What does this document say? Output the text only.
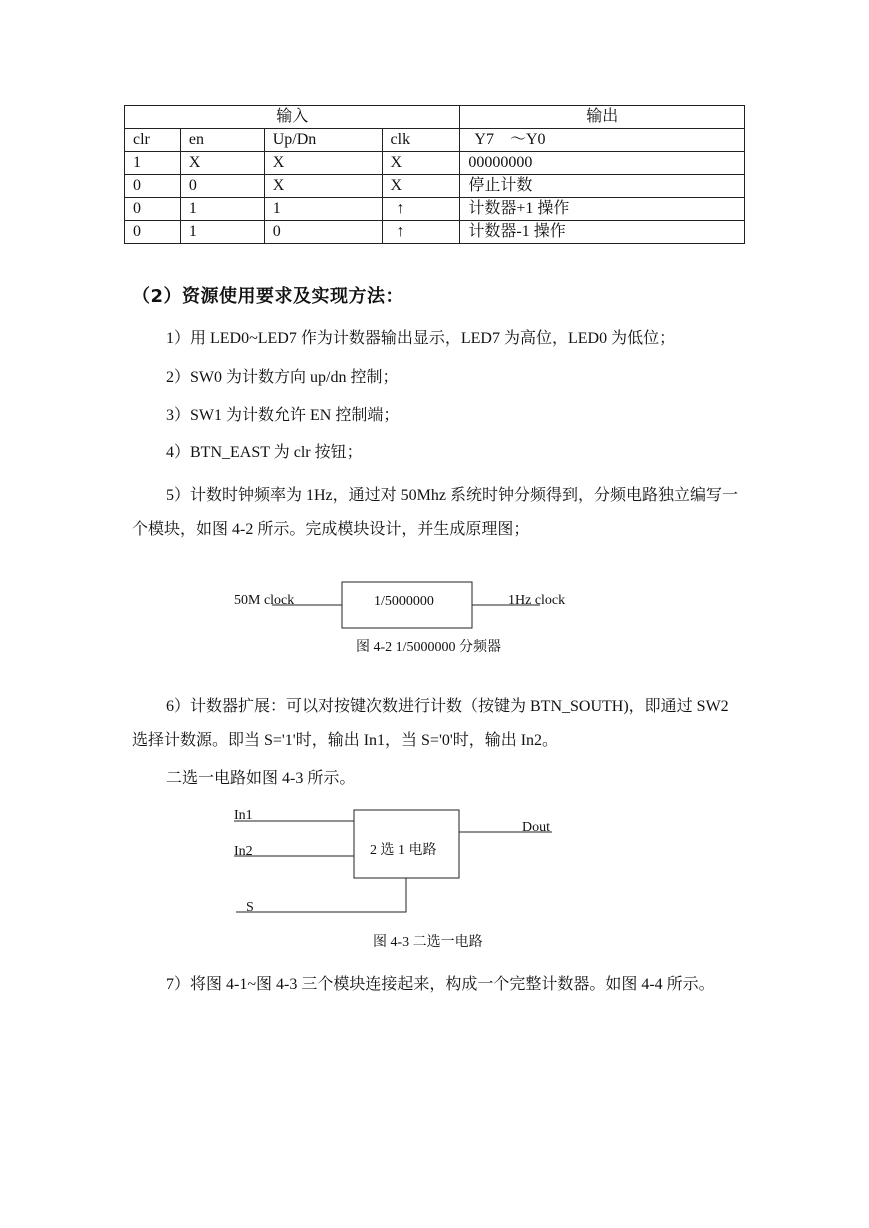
输入				输出
clr	en	Up/Dn	clk	Y7　～Y0
1	X	X	X	00000000
0	0	X	X	停止计数
0	1	1	↑	计数器+1 操作
0	1	0	↑	计数器-1 操作
（2）资源使用要求及实现方法：
1）用 LED0~LED7 作为计数器输出显示，LED7 为高位，LED0 为低位；
2）SW0 为计数方向 up/dn 控制；
3）SW1 为计数允许 EN 控制端；
4）BTN_EAST 为 clr 按钮；
5）计数时钟频率为 1Hz，通过对 50Mhz 系统时钟分频得到，分频电路独立编写一个模块，如图 4-2 所示。完成模块设计，并生成原理图；
50M clock	1/5000000	1Hz clock
图 4-2 1/5000000 分频器
6）计数器扩展：可以对按键次数进行计数（按键为 BTN_SOUTH)，即通过 SW2 选择计数源。即当 S='1'时，输出 In1，当 S='0'时，输出 In2。
二选一电路如图 4-3 所示。
In1
In2
S
2 选 1 电路
Dout
图 4-3 二选一电路
7）将图 4-1~图 4-3 三个模块连接起来，构成一个完整计数器。如图 4-4 所示。
